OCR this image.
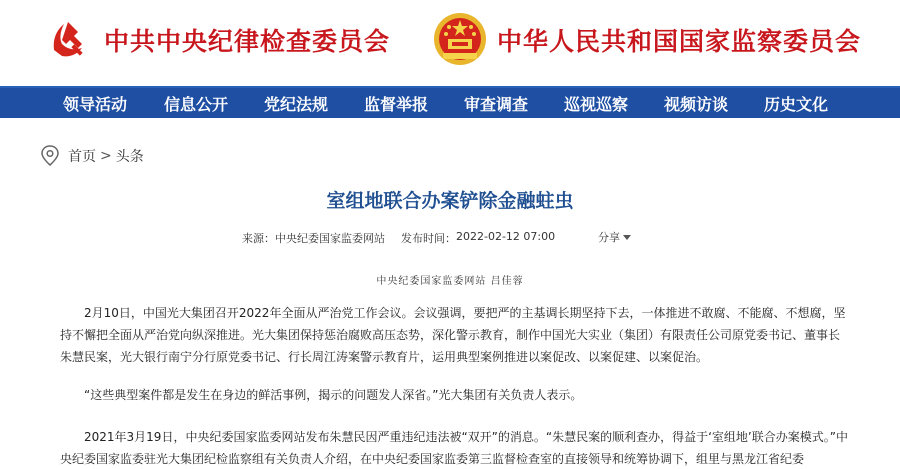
中共中央纪律检查委员会	中华人民共和国国家监察委员会
领导活动 信息公开 党纪法规 监督举报 审查调查 巡视巡察 视频访谈 历史文化
首页 > 头条
室组地联合办案铲除金融蛀虫
来源： 中央纪委国家监委网站 发布时间： 2022-02-12 07:00	分享
中央纪委国家监委网站 吕佳蓉
2月10日，中国光大集团召开2022年全面从严治党工作会议。会议强调，要把严的主基调长期坚持下去，一体推进不敢腐、不能腐、不想腐，坚持不懈把全面从严治党向纵深推进。光大集团保持惩治腐败高压态势，深化警示教育，制作中国光大实业（集团）有限责任公司原党委书记、董事长朱慧民案，光大银行南宁分行原党委书记、行长周江涛案警示教育片，运用典型案例推进以案促改、以案促建、以案促治。
“这些典型案件都是发生在身边的鲜活事例，揭示的问题发人深省。”光大集团有关负责人表示。
2021年3月19日，中央纪委国家监委网站发布朱慧民因严重违纪违法被“双开”的消息。“朱慧民案的顺利查办，得益于‘室组地’联合办案模式。”中央纪委国家监委驻光大集团纪检监察组有关负责人介绍，在中央纪委国家监委第三监督检查室的直接领导和统筹协调下，组里与黑龙江省纪委
